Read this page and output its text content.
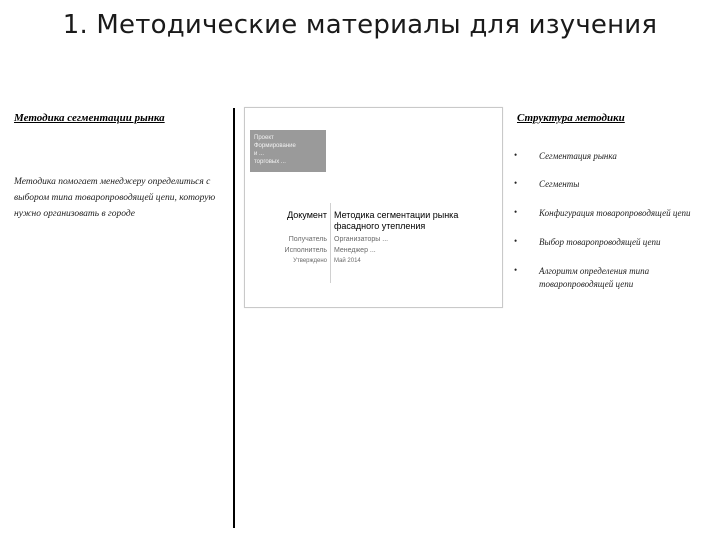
1. Методические материалы для изучения
Методика сегментации рынка
Методика помогает менеджеру определиться с выбором типа товаропроводящей цепи, которую нужно организовать в городе
Проект
Формирование
и ...
торговых ...
Документ Методика сегментации рынка фасадного утепления
Получатель Организаторы ...
Исполнитель Менеджер ...
Утверждено Май 2014
Структура методики
• Сегментация рынка
• Сегменты
• Конфигурация товаропроводящей цепи
• Выбор товаропроводящей цепи
• Алгоритм определения типа товаропроводящей цепи
